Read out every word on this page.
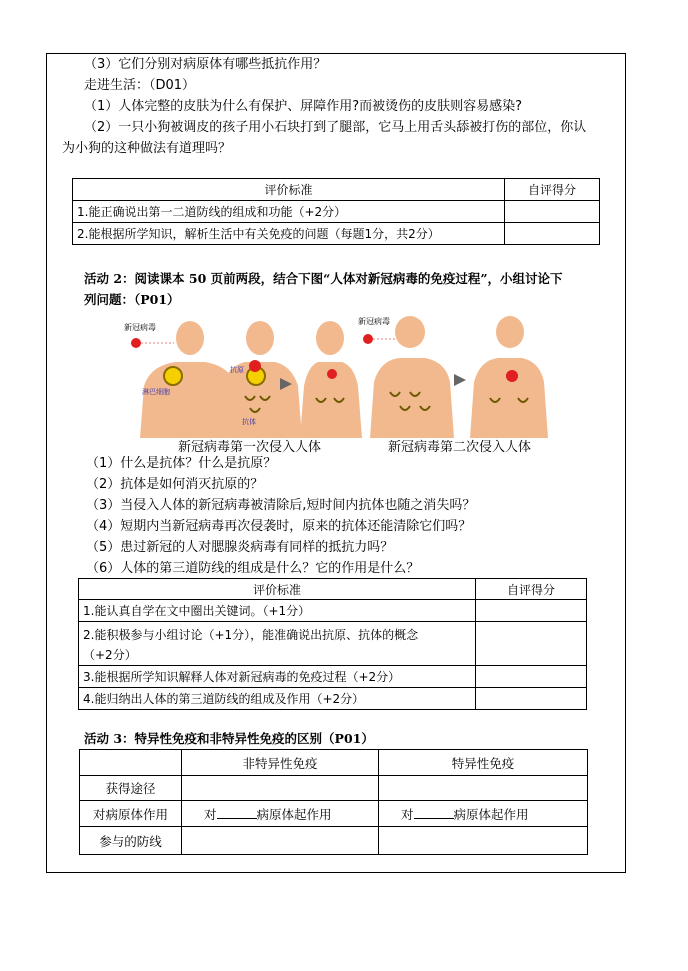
（3）它们分别对病原体有哪些抵抗作用？
走进生活：（D01）
（1）人体完整的皮肤为什么有保护、屏障作用?而被烫伤的皮肤则容易感染?
（2）一只小狗被调皮的孩子用小石块打到了腿部，它马上用舌头舔被打伤的部位，你认
为小狗的这种做法有道理吗？
评价标准	自评得分
1.能正确说出第一二道防线的组成和功能（+2分）	
2.能根据所学知识，解析生活中有关免疫的问题（每题1分，共2分）	
活动 2：阅读课本 50 页前两段，结合下图“人体对新冠病毒的免疫过程”，小组讨论下
列问题：（P01）
新冠病毒
新冠病毒
淋巴细胞
抗原
抗体
新冠病毒第一次侵入人体	新冠病毒第二次侵入人体
（1）什么是抗体？什么是抗原？
（2）抗体是如何消灭抗原的？
（3）当侵入人体的新冠病毒被清除后,短时间内抗体也随之消失吗？
（4）短期内当新冠病毒再次侵袭时，原来的抗体还能清除它们吗？
（5）患过新冠的人对腮腺炎病毒有同样的抵抗力吗？
（6）人体的第三道防线的组成是什么？它的作用是什么？
评价标准	自评得分
1.能认真自学在文中圈出关键词。（+1分）	

2.能积极参与小组讨论（+1分），能准确说出抗原、抗体的概念
（+2分）	

3.能根据所学知识解释人体对新冠病毒的免疫过程（+2分）	
4.能归纳出人体的第三道防线的组成及作用（+2分）	
活动 3：特异性免疫和非特异性免疫的区别（P01）
	非特异性免疫	特异性免疫
获得途径		
对病原体作用	对 病原体起作用	对 病原体起作用
参与的防线		
